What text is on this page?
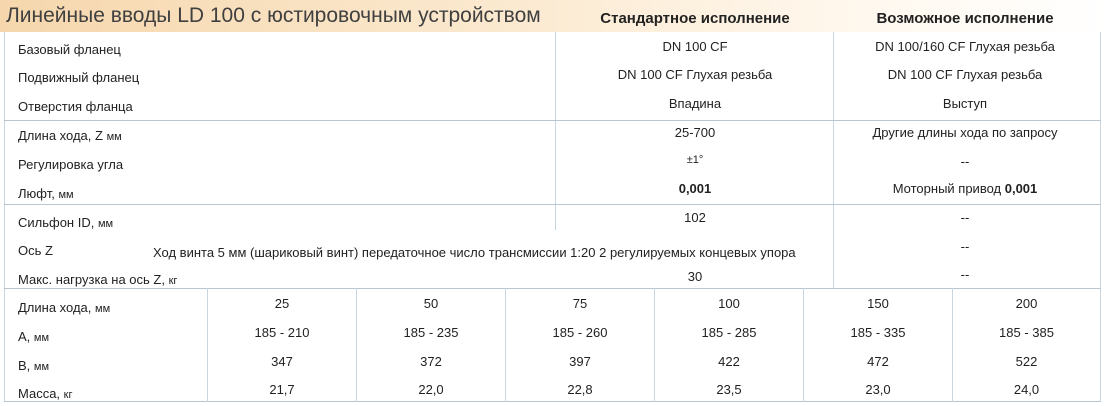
Линейные вводы LD 100 с юстировочным устройством	Стандартное исполнение	Возможное исполнение
Базовый фланец	DN 100 CF	DN 100/160 CF Глухая резьба
Подвижный фланец	DN 100 CF Глухая резьба	DN 100 CF Глухая резьба
Отверстия фланца	Впадина	Выступ
Длина хода, Z мм	25-700	Другие длины хода по запросу
Регулировка угла	±1°	--
Люфт, мм	0,001	Моторный привод 0,001
Сильфон ID, мм	102	--
Ось Z	Ход винта 5 мм (шариковый винт) передаточное число трансмиссии 1:20 2 регулируемых концевых упора	--
Макс. нагрузка на ось Z, кг	30	--
Длина хода, мм	25	50	75	100	150	200
A, мм	185 - 210	185 - 235	185 - 260	185 - 285	185 - 335	185 - 385
B, мм	347	372	397	422	472	522
Масса, кг	21,7	22,0	22,8	23,5	23,0	24,0
